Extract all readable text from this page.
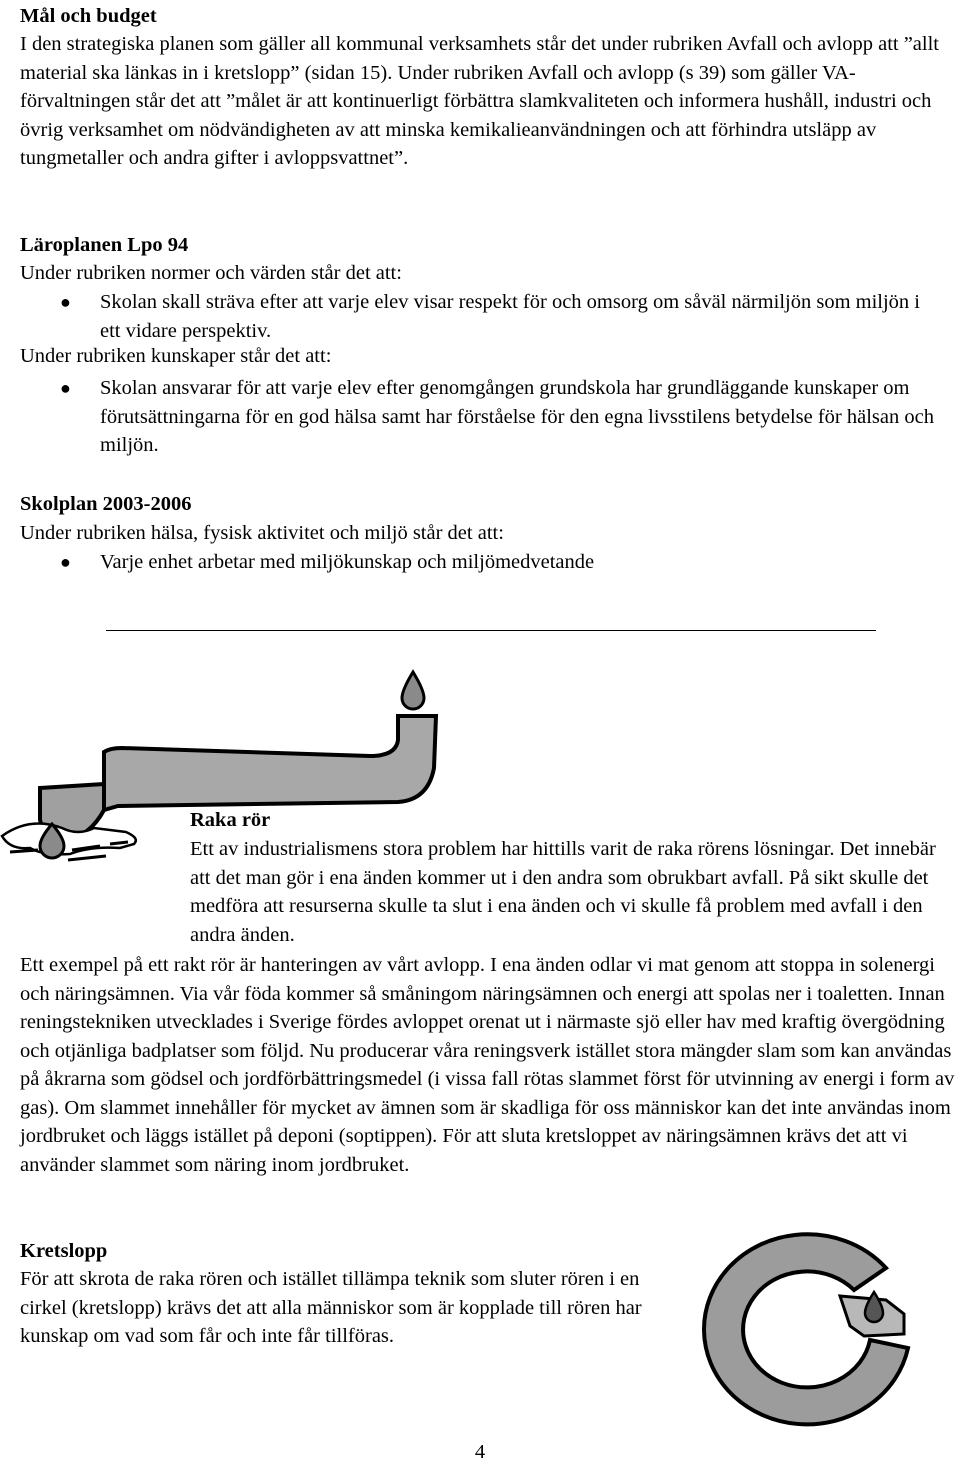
Mål och budget

I den strategiska planen som gäller all kommunal verksamhets står det under rubriken Avfall och avlopp att ”allt material ska länkas in i kretslopp” (sidan 15). Under rubriken Avfall och avlopp (s 39) som gäller VA-förvaltningen står det att ”målet är att kontinuerligt förbättra slamkvaliteten och informera hushåll, industri och övrig verksamhet om nödvändigheten av att minska kemikalieanvändningen och att förhindra utsläpp av tungmetaller och andra gifter i avloppsvattnet”.

Läroplanen Lpo 94

Under rubriken normer och värden står det att:

●	Skolan skall sträva efter att varje elev visar respekt för och omsorg om såväl närmiljön som miljön i ett vidare perspektiv.

Under rubriken kunskaper står det att:

●	Skolan ansvarar för att varje elev efter genomgången grundskola har grundläggande kunskaper om förutsättningarna för en god hälsa samt har förståelse för den egna livsstilens betydelse för hälsan och miljön.
Skolplan 2003-2006

Under rubriken hälsa, fysisk aktivitet och miljö står det att:

●	Varje enhet arbetar med miljökunskap och miljömedvetande
Raka rör

Ett av industrialismens stora problem har hittills varit de raka rörens lösningar. Det innebär att det man gör i ena änden kommer ut i den andra som obrukbart avfall. På sikt skulle det medföra att resurserna skulle ta slut i ena änden och vi skulle få problem med avfall i den andra änden.

Ett exempel på ett rakt rör är hanteringen av vårt avlopp. I ena änden odlar vi mat genom att stoppa in solenergi och näringsämnen. Via vår föda kommer så småningom näringsämnen och energi att spolas ner i toaletten. Innan reningstekniken utvecklades i Sverige fördes avloppet orenat ut i närmaste sjö eller hav med kraftig övergödning och otjänliga badplatser som följd. Nu producerar våra reningsverk istället stora mängder slam som kan användas på åkrarna som gödsel och jordförbättringsmedel (i vissa fall rötas slammet först för utvinning av energi i form av gas). Om slammet innehåller för mycket av ämnen som är skadliga för oss människor kan det inte användas inom jordbruket och läggs istället på deponi (soptippen). För att sluta kretsloppet av näringsämnen krävs det att vi använder slammet som näring inom jordbruket.

Kretslopp

För att skrota de raka rören och istället tillämpa teknik som sluter rören i en cirkel (kretslopp) krävs det att alla människor som är kopplade till rören har kunskap om vad som får och inte får tillföras.

4
